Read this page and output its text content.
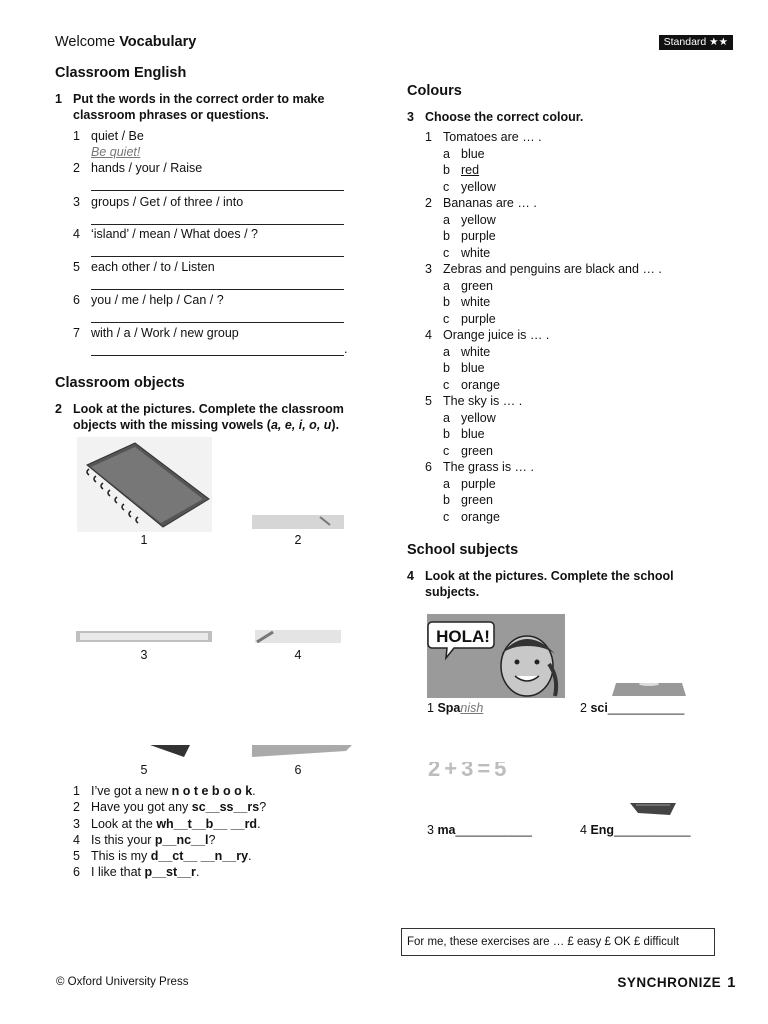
Welcome Vocabulary	Standard ★★
Classroom English
1 Put the words in the correct order to make
classroom phrases or questions.
1 quiet / Be
Be quiet!
2 hands / your / Raise
3 groups / Get / of three / into
4 ‘island’ / mean / What does / ?
5 each other / to / Listen
6 you / me / help / Can / ?
7 with / a / Work / new group
.
Classroom objects
2 Look at the pictures. Complete the classroom
objects with the missing vowels (a, e, i, o, u).
1	2
3	4
5	6
1 I’ve got a new n o t e b o o k.
2 Have you got any sc__ss__rs?
3 Look at the wh__t__b__ __rd.
4 Is this your p__nc__l?
5 This is my d__ct__ __n__ry.
6 I like that p__st__r.
Colours
3 Choose the correct colour.
1 Tomatoes are … .
a blue
b red
c yellow
2 Bananas are … .
a yellow
b purple
c white
3 Zebras and penguins are black and … .
a green
b white
c purple
4 Orange juice is … .
a white
b blue
c orange
5 The sky is … .
a yellow
b blue
c green
6 The grass is … .
a purple
b green
c orange
School subjects
4 Look at the pictures. Complete the school
subjects.
HOLA!
1 Spanish	2 sci___________
2+3=5
3 ma___________	4 Eng___________
For me, these exercises are … £ easy £ OK £ difficult
© Oxford University Press	SYNCHRONIZE 1
